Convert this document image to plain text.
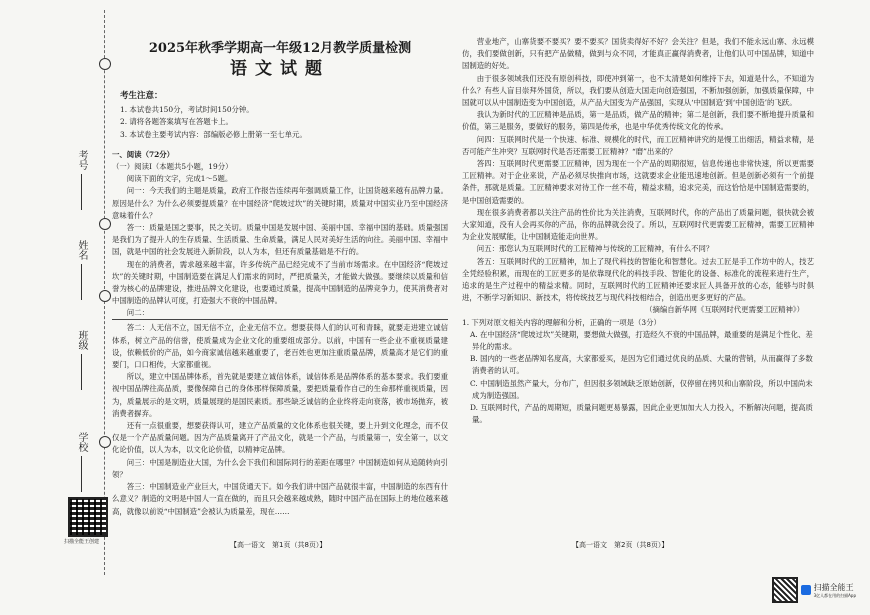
考号
姓名
班级
学校
扫描全能王创建
2025年秋季学期高一年级12月教学质量检测
语文试题
考生注意：
1. 本试卷共150分，考试时间150分钟。
2. 请将各题答案填写在答题卡上。
3. 本试卷主要考试内容：部编版必修上册第一至七单元。
一、阅读（72分）
（一）阅读Ⅰ（本题共5小题，19分）
阅读下面的文字，完成1～5题。
问一：今天我们的主题是质量，政府工作报告连续再年强调质量工作，让国货越来越有品牌力量。原因是什么？为什么必须要提质量？在中国经济“爬坡过坎”的关键时期，质量对中国实业乃至中国经济意味着什么？
答一：质量是国之要事，民之关切。质量中国是发展中国、美丽中国、幸福中国的基础。质量强国是我们为了提升人的生存质量、生活质量、生命质量，满足人民对美好生活的向往。美丽中国、幸福中国，就是中国的社会发展进入新阶段，以人为本，但还有质量基础是不行的。
现在的消费者，需求越来越丰富，许多传统产品已经完成不了当前市场需求。在中国经济“爬坡过坎”的关键时期，中国制造要在满足人们需求的同时，严把质量关，才能做大做强。要继续以质量和信誉为核心的品牌建设，推进品牌文化建设，也要通过质量，提高中国制造的品牌竞争力，使其消费者对中国制造的品牌认可度，打造强大不衰的中国品牌。
问二：
答二：人无信不立，国无信不立，企业无信不立。想要获得人们的认可和青睐，就要走进建立诚信体系，树立产品的信誉，使质量成为企业文化的重要组成部分。以前，中国有一些企业不重视质量建设，依赖低价的产品，如今商家诚信越来越重要了，老百姓也更加注重质量品牌，质量高才是它们的重要门，口口相传，大家都重视。
所以，建立中国品牌体系，首先就是要建立诚信体系，诚信体系是品牌体系的基本要求。我们要重视中国品牌往高品质，要像保障自己的身体那样保障质量，要把质量看作自己的生命那样重视质量，因为，质量展示的是文明，质量展现的是国民素质。那些缺乏诚信的企业终将走向衰落，被市场抛弃，被消费者摒弃。
还有一点很重要，想要获得认可，建立产品质量的文化体系也很关键，要上升到文化理念，而不仅仅是一个产品质量问题。因为产品质量离开了产品文化，就是一个产品，与质量第一，安全第一，以文化论价值，以人为本，以文化论价值，以精神定品牌。
问三：中国是制造业大国，为什么会下我们和国际同行的差距在哪里？中国制造如何从追随转向引领？
答三：中国制造业产业巨大，中国货通天下。如今我们讲中国产品就很丰富，中国制造的东西有什么意义？制造的文明是中国人一直在做的，而且只会越来越成熟，随时中国产品在国际上的地位越来越高，就像以前说“中国制造”会被认为质量差，现在……
营业地产，山寨货要不要买？要不要买？国货卖得好不好？会关注？但是，我们不能永远山寨、永远模仿，我们要做创新，只有把产品做精，做到与众不同，才能真正赢得消费者，让他们认可中国品牌，知道中国制造的好处。
由于很多领域我们还没有原创科技，即使冲到第一，也不太清楚如何维持下去，知道是什么，不知道为什么？有些人盲目崇拜外国货，所以，我们要从创造大国走向创造强国，不断加强创新，加强质量保障，中国就可以从中国制造变为中国创造，从产品大国变为产品强国，实现从‘中国制造’到‘中国创造’的飞跃。
我认为新时代的工匠精神是品质，第一是品质，做产品的精神；第二是创新，我们要不断地提升质量和价值，第三是服务，要做好的服务，第四是传承，也是中华优秀传统文化的传承。
问四：互联网时代是一个快速、标准、规模化的时代，而工匠精神讲究的是慢工出细活，精益求精，是否可能产生冲突？互联网时代是否还需要工匠精神？“磨”出来的？
答四：互联网时代更需要工匠精神，因为现在一个产品的周期很短，信息传递也非常快速，所以更需要工匠精神。对于企业来说，产品必须尽快推向市场，这就要求企业能迅速地创新。但是创新必须有一个前提条件，那就是质量。工匠精神要求对待工作一丝不苟，精益求精，追求完美，而这恰恰是中国制造需要的，是中国创造需要的。
现在很多消费者都以关注产品的性价比为关注消费，互联网时代，你的产品出了质量问题，很快就会被大家知道，没有人会再买你的产品，你的品牌就会没了。所以，互联网时代更需要工匠精神，需要工匠精神为企业发展赋能，让中国制造能走向世界。
问五：那您认为互联网时代的工匠精神与传统的工匠精神，有什么不同？
答五：互联网时代的工匠精神，加上了现代科技的智能化和智慧化。过去工匠是手工作坊中的人，技艺全凭经验积累，而现在的工匠更多的是依靠现代化的科技手段、智能化的设备、标准化的流程来进行生产，追求的是生产过程中的精益求精。同时，互联网时代的工匠精神还要求匠人具备开放的心态，能够与时俱进，不断学习新知识、新技术，将传统技艺与现代科技相结合，创造出更多更好的产品。
（摘编自新华网《互联网时代更需要工匠精神》）
1. 下列对原文相关内容的理解和分析，正确的一项是（3分）
A. 在中国经济“爬坡过坎”关键期，要想做大做强，打造经久不衰的中国品牌，最重要的是满足个性化、差异化的需求。
B. 国内的一些老品牌知名度高，大家都爱买，是因为它们通过优良的品质、大量的营销，从而赢得了多数消费者的认可。
C. 中国制造虽然产量大，分布广，但因很多领域缺乏原始创新，仅停留在拷贝和山寨阶段，所以中国尚未成为制造强国。
D. 互联网时代，产品的周期短，质量问题更易暴露，因此企业更加加大人力投入，不断解决问题，提高质量。
【高一语文　第1页（共8页）】	【高一语文　第2页（共8页）】
扫描全能王
3亿人都在用的扫描App
